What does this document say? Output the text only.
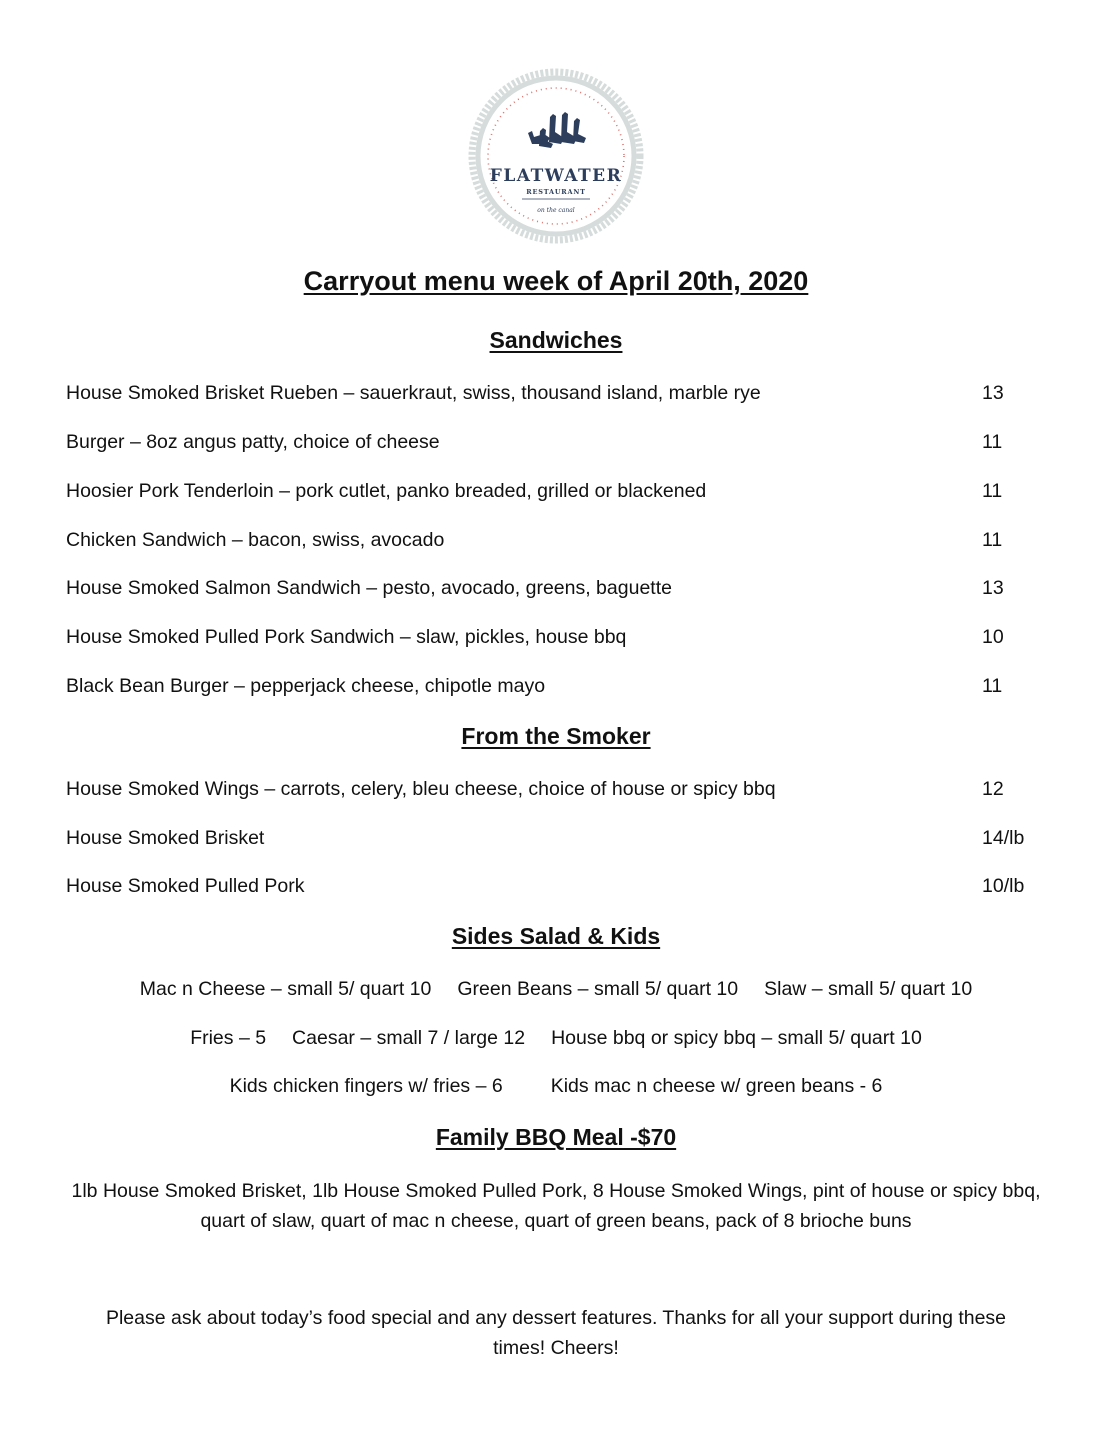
FLATWATER
RESTAURANT
on the canal
Carryout menu week of April 20th, 2020
Sandwiches
House Smoked Brisket Rueben – sauerkraut, swiss, thousand island, marble rye	13
Burger – 8oz angus patty, choice of cheese	11
Hoosier Pork Tenderloin – pork cutlet, panko breaded, grilled or blackened	11
Chicken Sandwich – bacon, swiss, avocado	11
House Smoked Salmon Sandwich – pesto, avocado, greens, baguette	13
House Smoked Pulled Pork Sandwich – slaw, pickles, house bbq	10
Black Bean Burger – pepperjack cheese, chipotle mayo	11
From the Smoker
House Smoked Wings – carrots, celery, bleu cheese, choice of house or spicy bbq	12
House Smoked Brisket	14/lb
House Smoked Pulled Pork	10/lb
Sides Salad & Kids
Mac n Cheese – small 5/ quart 10 Green Beans – small 5/ quart 10 Slaw – small 5/ quart 10
Fries – 5 Caesar – small 7 / large 12 House bbq or spicy bbq – small 5/ quart 10
Kids chicken fingers w/ fries – 6 Kids mac n cheese w/ green beans - 6
Family BBQ Meal -$70
1lb House Smoked Brisket, 1lb House Smoked Pulled Pork, 8 House Smoked Wings, pint of house or spicy bbq,
quart of slaw, quart of mac n cheese, quart of green beans, pack of 8 brioche buns
Please ask about today’s food special and any dessert features. Thanks for all your support during these
times! Cheers!
